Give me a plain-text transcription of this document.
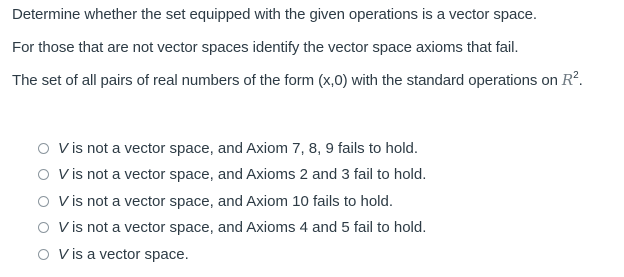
Determine whether the set equipped with the given operations is a vector space.
For those that are not vector spaces identify the vector space axioms that fail.
The set of all pairs of real numbers of the form (x,0) with the standard operations on $R^2$.
V is not a vector space, and Axiom 7, 8, 9 fails to hold.
V is not a vector space, and Axioms 2 and 3 fail to hold.
V is not a vector space, and Axiom 10 fails to hold.
V is not a vector space, and Axioms 4 and 5 fail to hold.
V is a vector space.
